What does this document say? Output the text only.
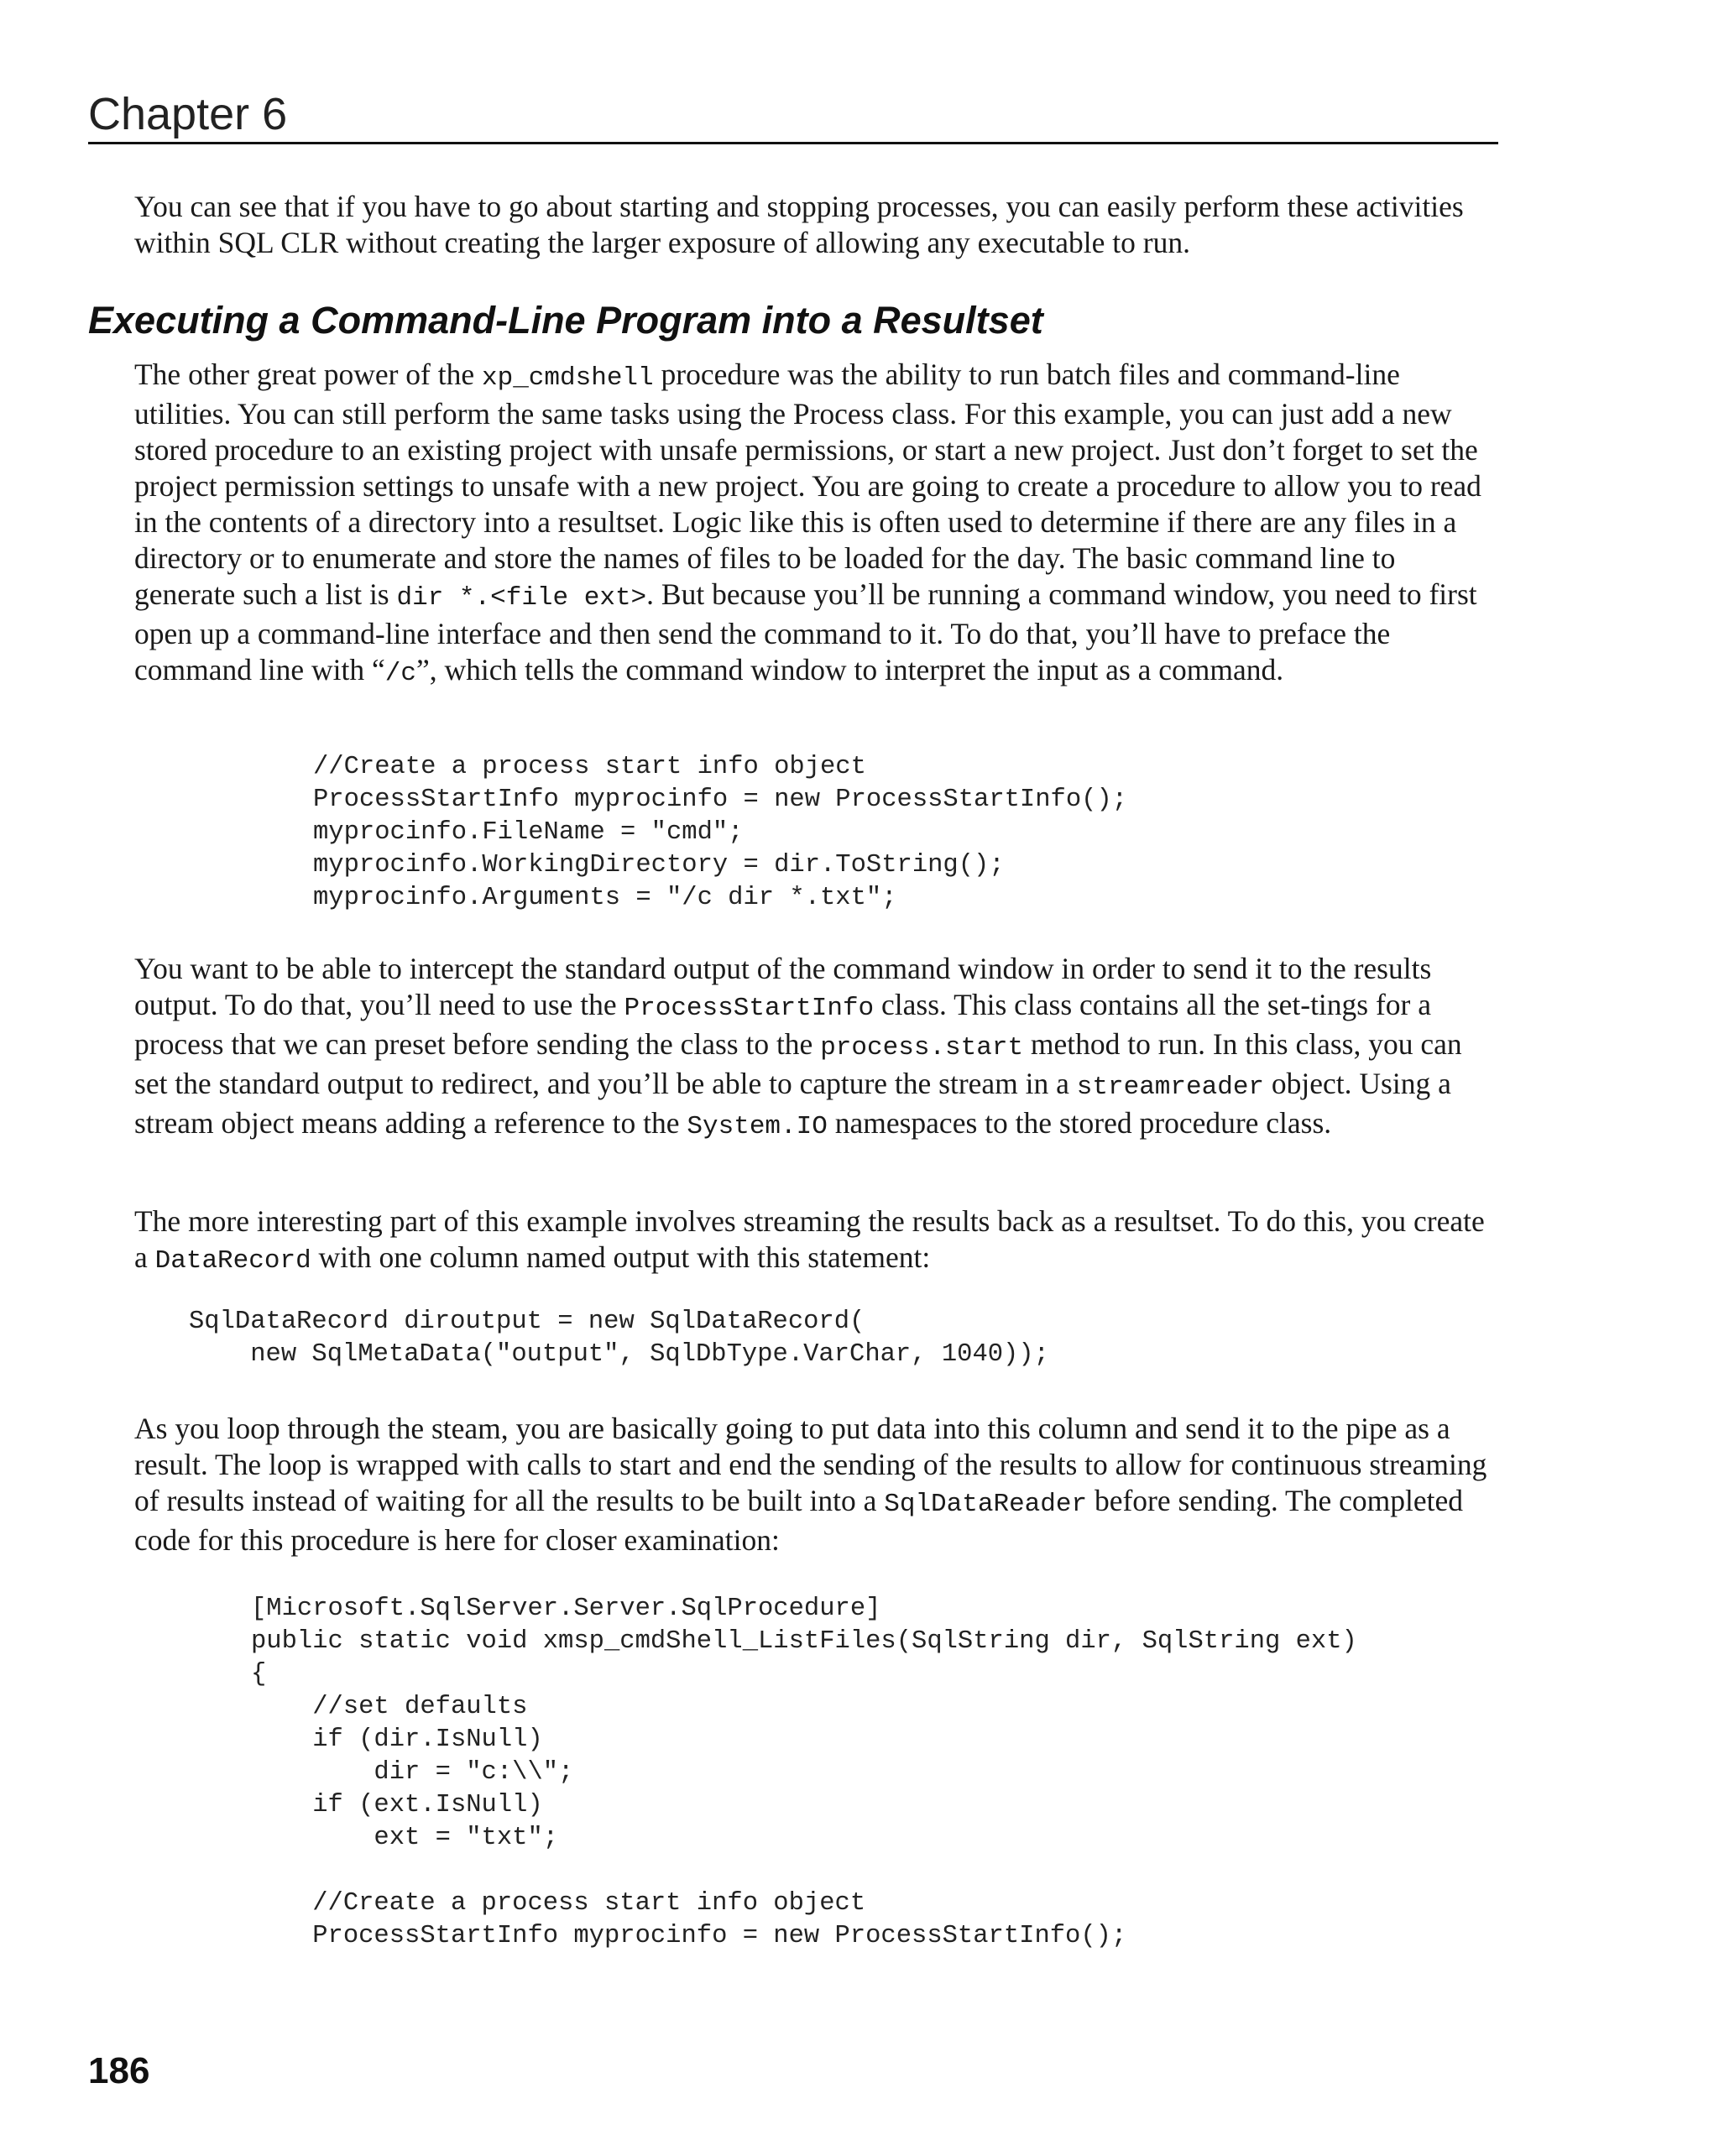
Chapter 6

You can see that if you have to go about starting and stopping processes, you can easily perform these activities within SQL CLR without creating the larger exposure of allowing any executable to run.

Executing a Command-Line Program into a Resultset

The other great power of the xp_cmdshell procedure was the ability to run batch files and command-line utilities. You can still perform the same tasks using the Process class. For this example, you can just add a new stored procedure to an existing project with unsafe permissions, or start a new project. Just don’t forget to set the project permission settings to unsafe with a new project. You are going to create a procedure to allow you to read in the contents of a directory into a resultset. Logic like this is often used to determine if there are any files in a directory or to enumerate and store the names of files to be loaded for the day. The basic command line to generate such a list is dir *.<file ext>. But because you’ll be running a command window, you need to first open up a command-line interface and then send the command to it. To do that, you’ll have to preface the command line with “/c”, which tells the command window to interpret the input as a command.

//Create a process start info object
ProcessStartInfo myprocinfo = new ProcessStartInfo();
myprocinfo.FileName = "cmd";
myprocinfo.WorkingDirectory = dir.ToString();
myprocinfo.Arguments = "/c dir *.txt";

You want to be able to intercept the standard output of the command window in order to send it to the results output. To do that, you’ll need to use the ProcessStartInfo class. This class contains all the set-tings for a process that we can preset before sending the class to the process.start method to run. In this class, you can set the standard output to redirect, and you’ll be able to capture the stream in a streamreader object. Using a stream object means adding a reference to the System.IO namespaces to the stored procedure class.

The more interesting part of this example involves streaming the results back as a resultset. To do this, you create a DataRecord with one column named output with this statement:

SqlDataRecord diroutput = new SqlDataRecord(
new SqlMetaData("output", SqlDbType.VarChar, 1040));

As you loop through the steam, you are basically going to put data into this column and send it to the pipe as a result. The loop is wrapped with calls to start and end the sending of the results to allow for continuous streaming of results instead of waiting for all the results to be built into a SqlDataReader before sending. The completed code for this procedure is here for closer examination:

[Microsoft.SqlServer.Server.SqlProcedure]
public static void xmsp_cmdShell_ListFiles(SqlString dir, SqlString ext)
{
//set defaults
if (dir.IsNull)
dir = "c:\\";
if (ext.IsNull)
ext = "txt";
//Create a process start info object
ProcessStartInfo myprocinfo = new ProcessStartInfo();
186
